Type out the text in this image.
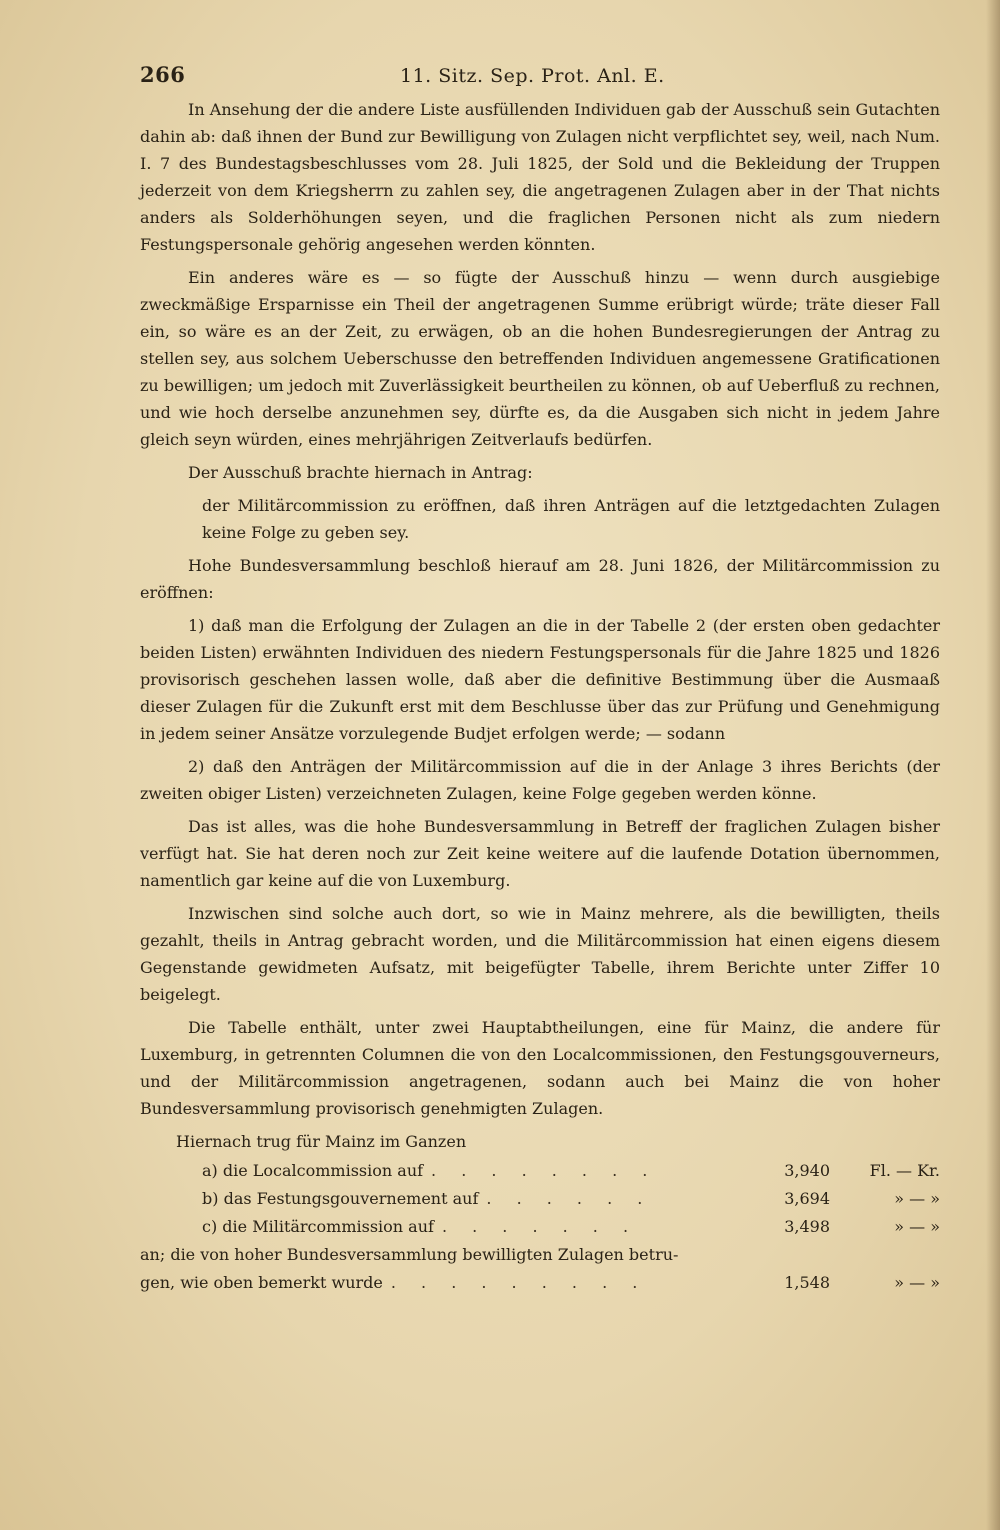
266	11. Sitz. Sep. Prot. Anl. E.

In Ansehung der die andere Liste ausfüllenden Individuen gab der Ausschuß sein Gutachten dahin ab: daß ihnen der Bund zur Bewilligung von Zulagen nicht verpflichtet sey, weil, nach Num. I. 7 des Bundestagsbeschlusses vom 28. Juli 1825, der Sold und die Bekleidung der Truppen jederzeit von dem Kriegsherrn zu zahlen sey, die angetragenen Zulagen aber in der That nichts anders als Solderhöhungen seyen, und die fraglichen Personen nicht als zum niedern Festungspersonale gehörig angesehen werden könnten.

Ein anderes wäre es — so fügte der Ausschuß hinzu — wenn durch ausgiebige zweckmäßige Ersparnisse ein Theil der angetragenen Summe erübrigt würde; träte dieser Fall ein, so wäre es an der Zeit, zu erwägen, ob an die hohen Bundesregierungen der Antrag zu stellen sey, aus solchem Ueberschusse den betreffenden Individuen angemessene Gratificationen zu bewilligen; um jedoch mit Zuverlässigkeit beurtheilen zu können, ob auf Ueberfluß zu rechnen, und wie hoch derselbe anzunehmen sey, dürfte es, da die Ausgaben sich nicht in jedem Jahre gleich seyn würden, eines mehrjährigen Zeitverlaufs bedürfen.

Der Ausschuß brachte hiernach in Antrag:

der Militärcommission zu eröffnen, daß ihren Anträgen auf die letztgedachten Zulagen keine Folge zu geben sey.

Hohe Bundesversammlung beschloß hierauf am 28. Juni 1826, der Militärcommission zu eröffnen:

1) daß man die Erfolgung der Zulagen an die in der Tabelle 2 (der ersten oben gedachter beiden Listen) erwähnten Individuen des niedern Festungspersonals für die Jahre 1825 und 1826 provisorisch geschehen lassen wolle, daß aber die definitive Bestimmung über die Ausmaaß dieser Zulagen für die Zukunft erst mit dem Beschlusse über das zur Prüfung und Genehmigung in jedem seiner Ansätze vorzulegende Budjet erfolgen werde; — sodann

2) daß den Anträgen der Militärcommission auf die in der Anlage 3 ihres Berichts (der zweiten obiger Listen) verzeichneten Zulagen, keine Folge gegeben werden könne.

Das ist alles, was die hohe Bundesversammlung in Betreff der fraglichen Zulagen bisher verfügt hat. Sie hat deren noch zur Zeit keine weitere auf die laufende Dotation übernommen, namentlich gar keine auf die von Luxemburg.

Inzwischen sind solche auch dort, so wie in Mainz mehrere, als die bewilligten, theils gezahlt, theils in Antrag gebracht worden, und die Militärcommission hat einen eigens diesem Gegenstande gewidmeten Aufsatz, mit beigefügter Tabelle, ihrem Berichte unter Ziffer 10 beigelegt.

Die Tabelle enthält, unter zwei Hauptabtheilungen, eine für Mainz, die andere für Luxemburg, in getrennten Columnen die von den Localcommissionen, den Festungsgouverneurs, und der Militärcommission angetragenen, sodann auch bei Mainz die von hoher Bundesversammlung provisorisch genehmigten Zulagen.

Hiernach trug für Mainz im Ganzen

a) die Localcommission auf . . . . . . . .	3,940	Fl. — Kr.
b) das Festungsgouvernement auf . . . . . .	3,694	» — »
c) die Militärcommission auf . . . . . . .	3,498	» — »
an; die von hoher Bundesversammlung bewilligten Zulagen betru-
gen, wie oben bemerkt wurde . . . . . . . . .	1,548	» — »
